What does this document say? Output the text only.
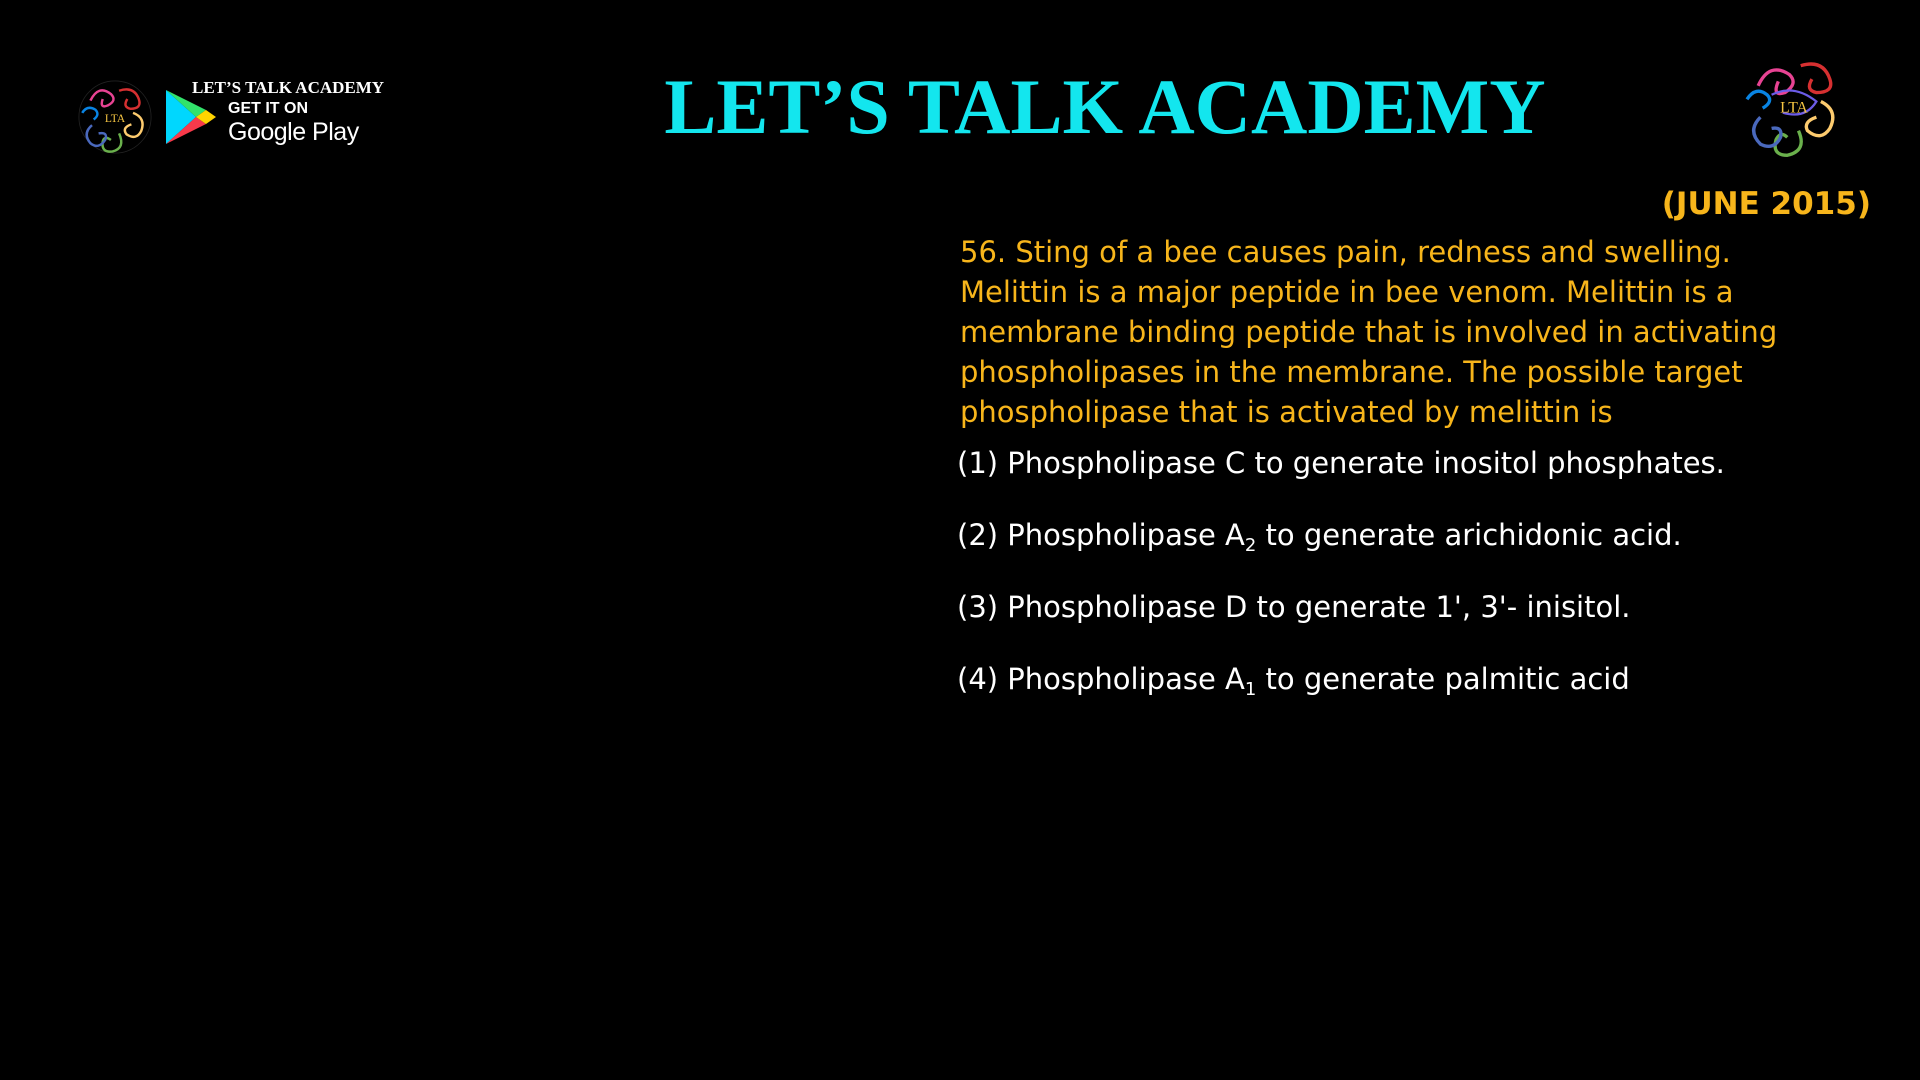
LTA
LET’S TALK ACADEMY
GET IT ON
Google Play	LET’S TALK ACADEMY	LTA
(JUNE 2015)
56. Sting of a bee causes pain, redness and swelling. Melittin is a major peptide in bee venom. Melittin is a membrane binding peptide that is involved in activating phospholipases in the membrane. The possible target phospholipase that is activated by melittin is
(1) Phospholipase C to generate inositol phosphates.
(2) Phospholipase $A_2$ to generate arichidonic acid.
(3) Phospholipase D to generate 1', 3'- inisitol.
(4) Phospholipase $A_1$ to generate palmitic acid
